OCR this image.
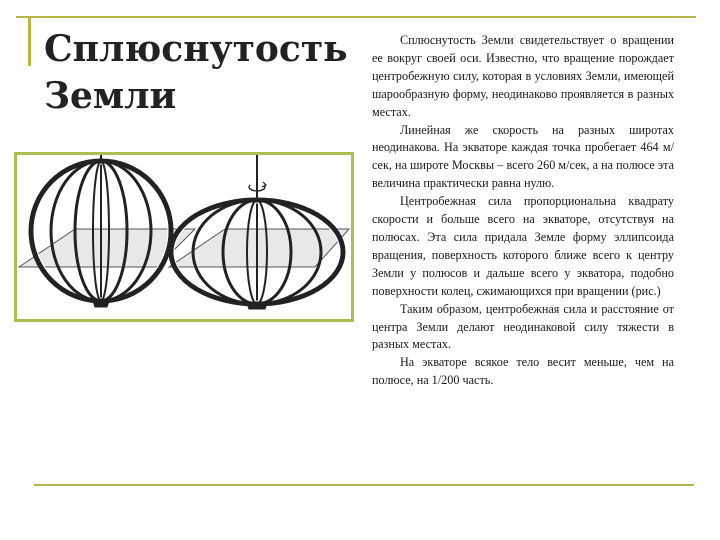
Сплюснутость
Земли

Сплюснутость Земли свидетельствует о вращении ее вокруг своей оси. Известно, что вращение порождает центробежную силу, которая в условиях Земли, имеющей шарообразную форму, неодинаково проявляется в разных местах.

Линейная же скорость на разных широтах неодинакова. На экваторе каждая точка пробегает 464 м/сек, на широте Москвы – всего 260 м/сек, а на полюсе эта величина практически равна нулю.

Центробежная сила пропорциональна квадрату скорости и больше всего на экваторе, отсутствуя на полюсах. Эта сила придала Земле форму эллипсоида вращения, поверхность которого ближе всего к центру Земли у полюсов и дальше всего у экватора, подобно поверхности колец, сжимающихся при вращении (рис.)

Таким образом, центробежная сила и расстояние от центра Земли делают неодинаковой силу тяжести в разных местах.

На экваторе всякое тело весит меньше, чем на полюсе, на 1/200 часть.
